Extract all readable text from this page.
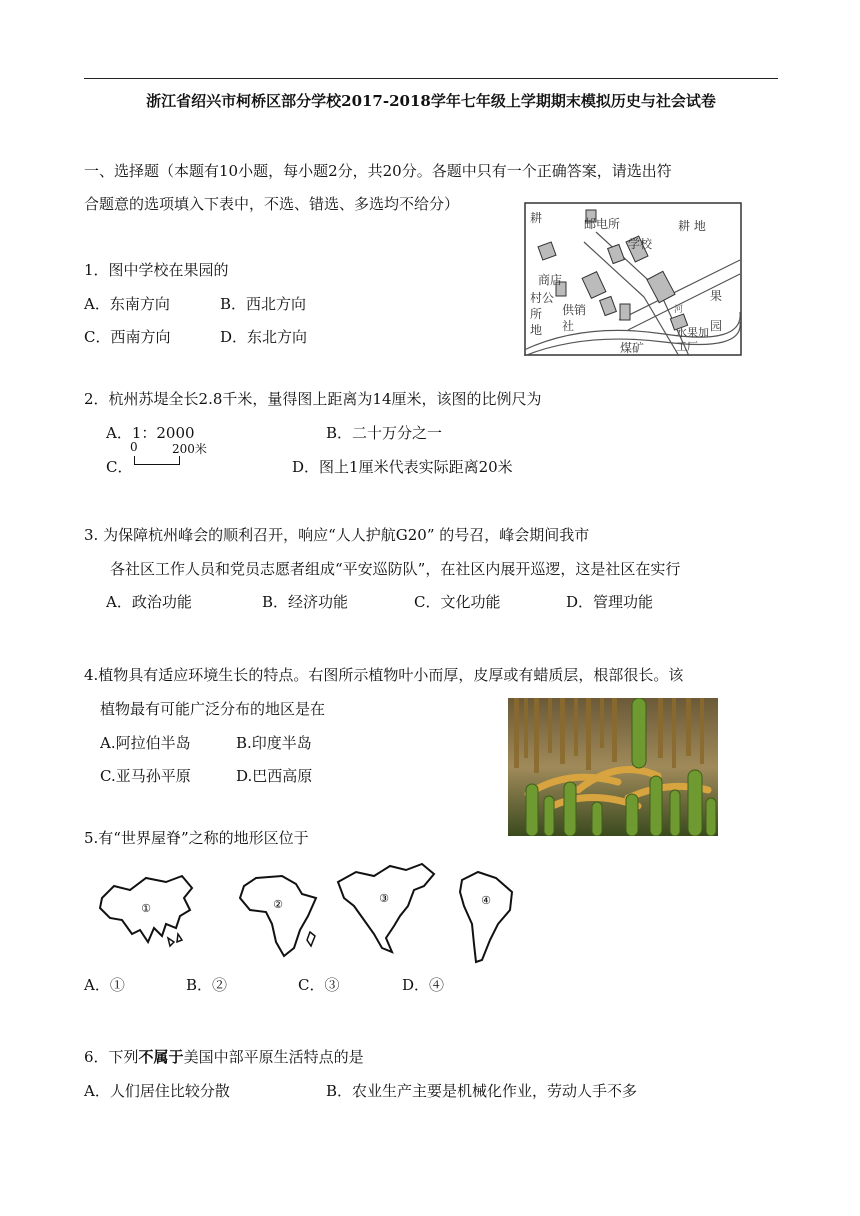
浙江省绍兴市柯桥区部分学校2017-2018学年七年级上学期期末模拟历史与社会试卷
一、选择题（本题有10小题，每小题2分，共20分。各题中只有一个正确答案，请选出符
合题意的选项填入下表中，不选、错选、多选均不给分）
耕	邮电所	耕 地
学校
商店
村公
所
地
供销
社
果
园
河
水果加
工厂
煤矿
1．图中学校在果园的
A．东南方向	B．西北方向
C．西南方向	D．东北方向
2．杭州苏堤全长2.8千米，量得图上距离为14厘米，该图的比例尺为
A．1：2000	B．二十万分之一
C．
0	200米
D．图上1厘米代表实际距离20米
3. 为保障杭州峰会的顺利召开，响应“人人护航G20” 的号召，峰会期间我市
各社区工作人员和党员志愿者组成“平安巡防队”，在社区内展开巡逻，这是社区在实行
A．政治功能	B．经济功能	C．文化功能	D．管理功能
4.植物具有适应环境生长的特点。右图所示植物叶小而厚，皮厚或有蜡质层，根部很长。该
植物最有可能广泛分布的地区是在
A.阿拉伯半岛	B.印度半岛
C.亚马孙平原	D.巴西高原
5.有“世界屋脊”之称的地形区位于
①	②	③	④
A．①	B．②	C．③	D．④
6．下列不属于美国中部平原生活特点的是
A．人们居住比较分散	B．农业生产主要是机械化作业，劳动人手不多
